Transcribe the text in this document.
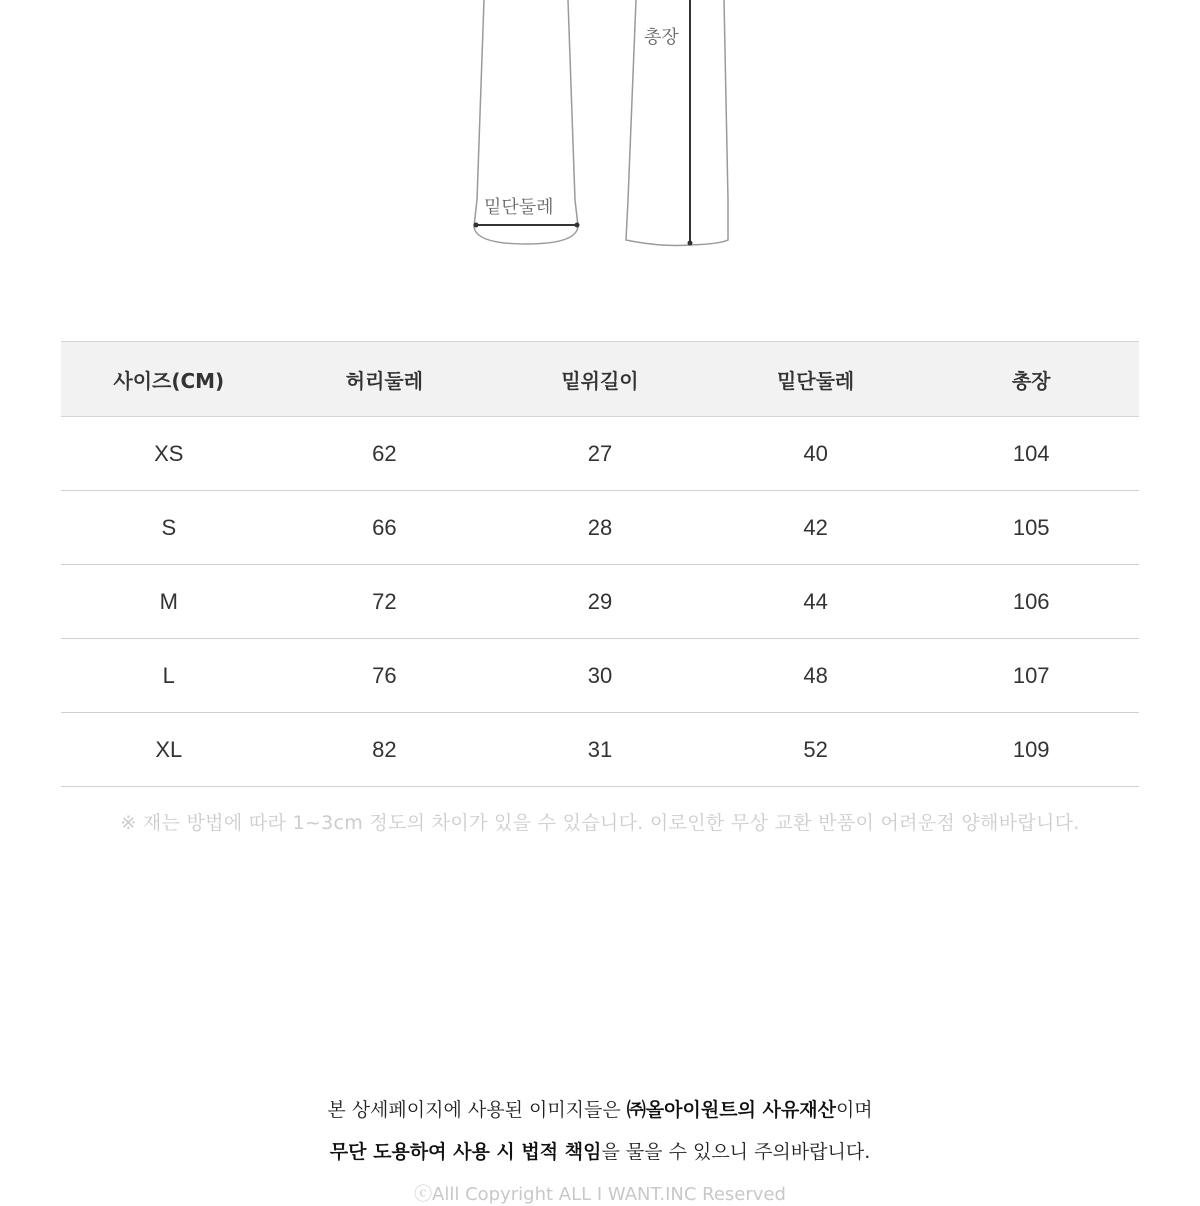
총장
밑단둘레
사이즈(CM)	허리둘레	밑위길이	밑단둘레	총장
XS	62	27	40	104
S	66	28	42	105
M	72	29	44	106
L	76	30	48	107
XL	82	31	52	109
※ 재는 방법에 따라 1~3cm 정도의 차이가 있을 수 있습니다. 이로인한 무상 교환 반품이 어려운점 양해바랍니다.
본 상세페이지에 사용된 이미지들은 ㈜올아이원트의 사유재산이며
무단 도용하여 사용 시 법적 책임을 물을 수 있으니 주의바랍니다.
ⓒAlll Copyright ALL I WANT.INC Reserved
